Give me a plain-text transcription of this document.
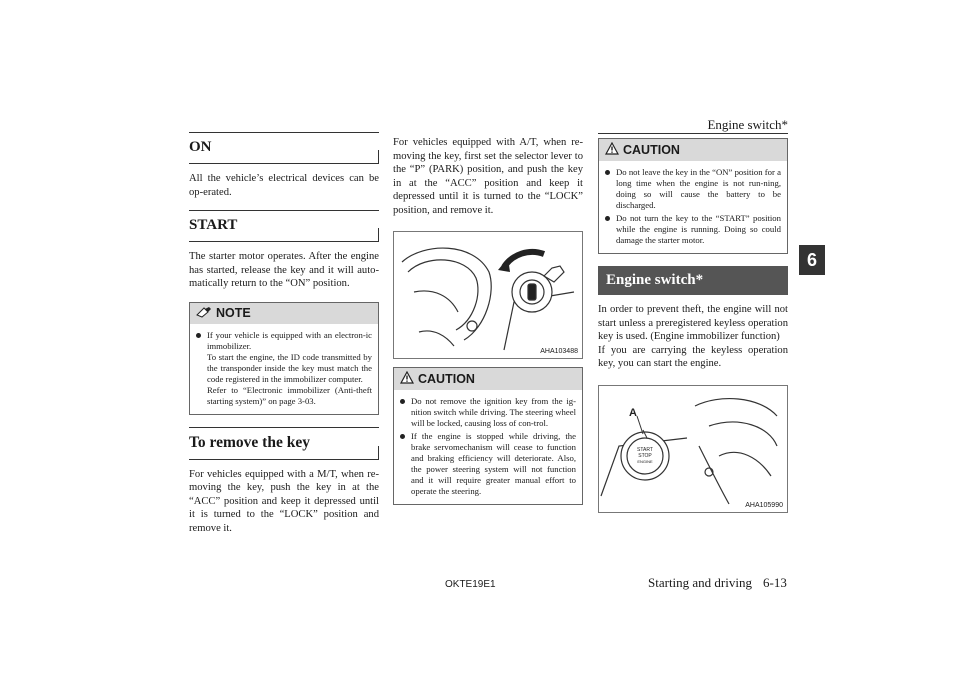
Engine switch*
6
ON

All the vehicle’s electrical devices can be op-erated.

START

The starter motor operates. After the engine has started, release the key and it will auto-matically return to the “ON” position.

NOTE
If your vehicle is equipped with an electron-ic immobilizer.
To start the engine, the ID code transmitted by the transponder inside the key must match the code registered in the immobilizer computer.
Refer to “Electronic immobilizer (Anti-theft starting system)” on page 3-03.
To remove the key

For vehicles equipped with a M/T, when re-moving the key, push the key in at the “ACC” position and keep it depressed until it is turned to the “LOCK” position and remove it.

For vehicles equipped with A/T, when re-moving the key, first set the selector lever to the “P” (PARK) position, and push the key in at the “ACC” position and keep it depressed until it is turned to the “LOCK” position, and remove it.

AHA103488
CAUTION
Do not remove the ignition key from the ig-nition switch while driving. The steering wheel will be locked, causing loss of con-trol.
If the engine is stopped while driving, the brake servomechanism will cease to function and braking efficiency will deteriorate. Also, the power steering system will not function and it will require greater manual effort to operate the steering.
CAUTION
Do not leave the key in the “ON” position for a long time when the engine is not run-ning, doing so will cause the battery to be discharged.
Do not turn the key to the “START” position while the engine is running. Doing so could damage the starter motor.
Engine switch*

In order to prevent theft, the engine will not start unless a preregistered keyless operation key is used. (Engine immobilizer function)
If you are carrying the keyless operation key, you can start the engine.

A
START
STOP
ENGINE
AHA105990
OKTE19E1	Starting and driving 6-13
